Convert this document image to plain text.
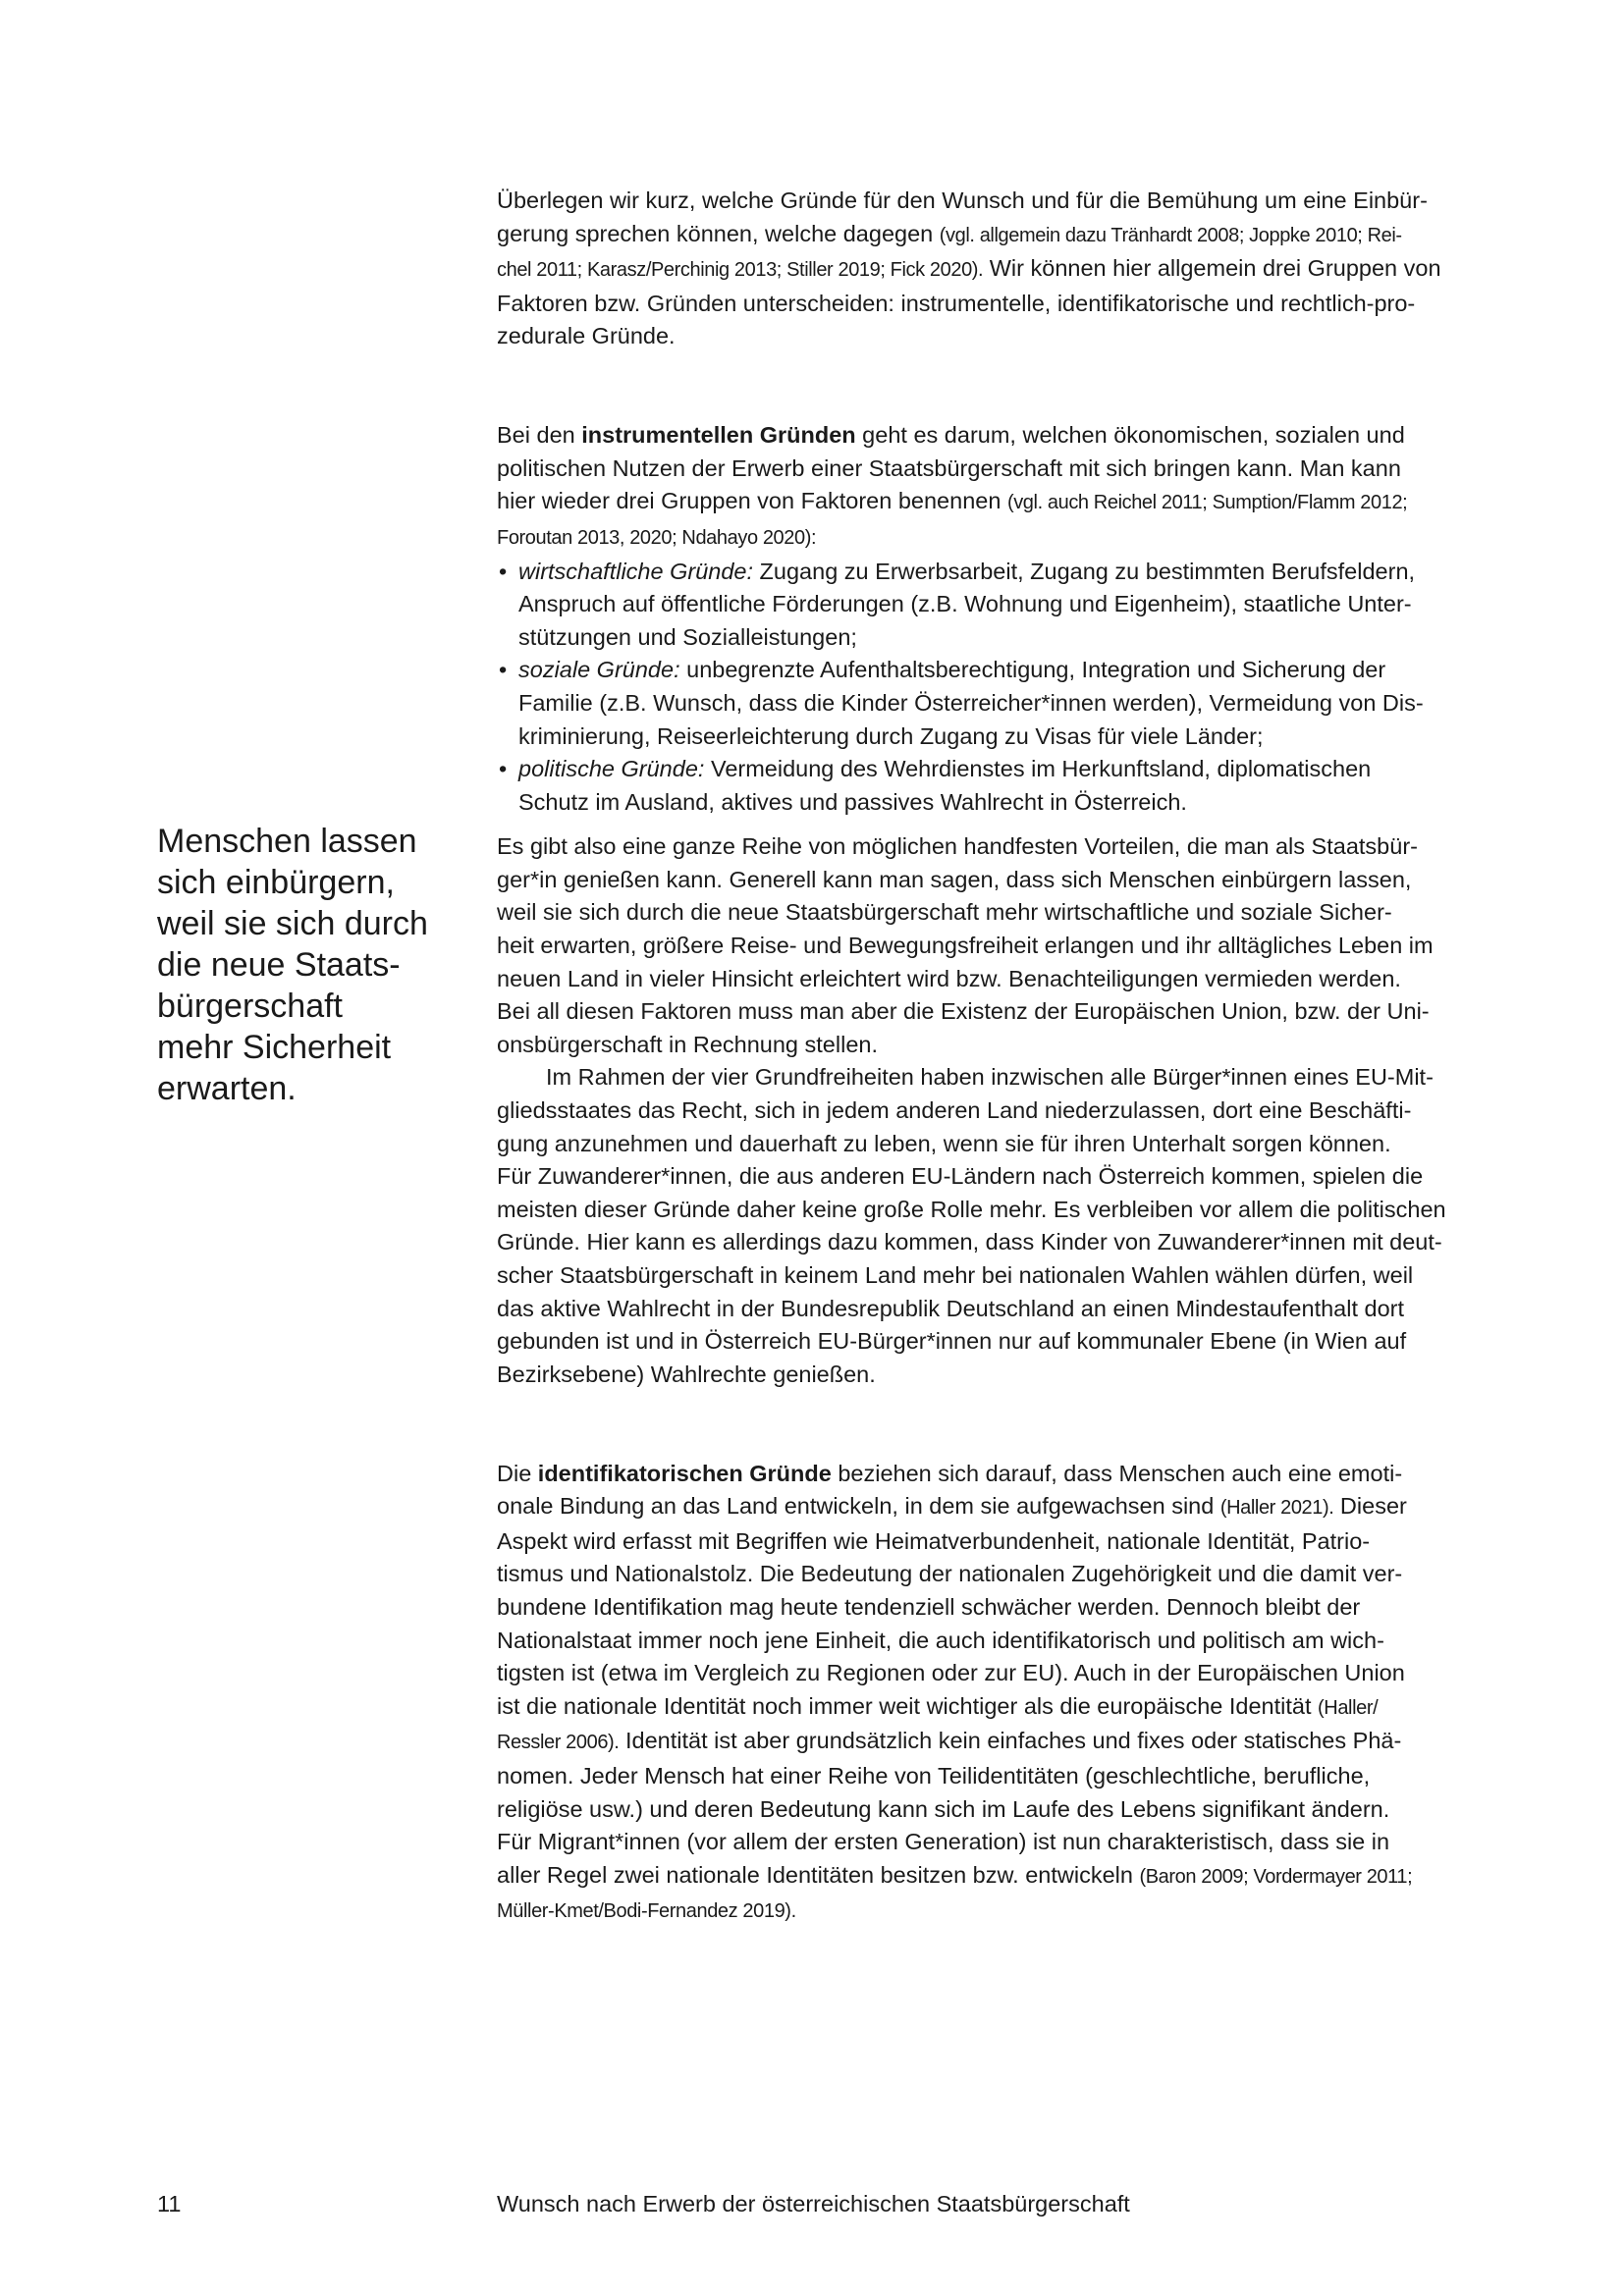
Menschen lassen
sich einbürgern,
weil sie sich durch
die neue Staats-
bürgerschaft
mehr Sicherheit
erwarten.
Überlegen wir kurz, welche Gründe für den Wunsch und für die Bemühung um eine Einbür-
gerung sprechen können, welche dagegen (vgl. allgemein dazu Tränhardt 2008; Joppke 2010; Rei-
chel 2011; Karasz/Perchinig 2013; Stiller 2019; Fick 2020). Wir können hier allgemein drei Gruppen von
Faktoren bzw. Gründen unterscheiden: instrumentelle, identifikatorische und rechtlich-pro-
zedurale Gründe.
Bei den instrumentellen Gründen geht es darum, welchen ökonomischen, sozialen und
politischen Nutzen der Erwerb einer Staatsbürgerschaft mit sich bringen kann. Man kann
hier wieder drei Gruppen von Faktoren benennen (vgl. auch Reichel 2011; Sumption/Flamm 2012;
Foroutan 2013, 2020; Ndahayo 2020):
• wirtschaftliche Gründe: Zugang zu Erwerbsarbeit, Zugang zu bestimmten Berufsfeldern,
Anspruch auf öffentliche Förderungen (z.B. Wohnung und Eigenheim), staatliche Unter-
stützungen und Sozialleistungen;
• soziale Gründe: unbegrenzte Aufenthaltsberechtigung, Integration und Sicherung der
Familie (z.B. Wunsch, dass die Kinder Österreicher*innen werden), Vermeidung von Dis-
kriminierung, Reiseerleichterung durch Zugang zu Visas für viele Länder;
• politische Gründe: Vermeidung des Wehrdienstes im Herkunftsland, diplomatischen
Schutz im Ausland, aktives und passives Wahlrecht in Österreich.
Es gibt also eine ganze Reihe von möglichen handfesten Vorteilen, die man als Staatsbür-
ger*in genießen kann. Generell kann man sagen, dass sich Menschen einbürgern lassen,
weil sie sich durch die neue Staatsbürgerschaft mehr wirtschaftliche und soziale Sicher-
heit erwarten, größere Reise- und Bewegungsfreiheit erlangen und ihr alltägliches Leben im
neuen Land in vieler Hinsicht erleichtert wird bzw. Benachteiligungen vermieden werden.
Bei all diesen Faktoren muss man aber die Existenz der Europäischen Union, bzw. der Uni-
onsbürgerschaft in Rechnung stellen.
Im Rahmen der vier Grundfreiheiten haben inzwischen alle Bürger*innen eines EU-Mit-
gliedsstaates das Recht, sich in jedem anderen Land niederzulassen, dort eine Beschäfti-
gung anzunehmen und dauerhaft zu leben, wenn sie für ihren Unterhalt sorgen können.
Für Zuwanderer*innen, die aus anderen EU-Ländern nach Österreich kommen, spielen die
meisten dieser Gründe daher keine große Rolle mehr. Es verbleiben vor allem die politischen
Gründe. Hier kann es allerdings dazu kommen, dass Kinder von Zuwanderer*innen mit deut-
scher Staatsbürgerschaft in keinem Land mehr bei nationalen Wahlen wählen dürfen, weil
das aktive Wahlrecht in der Bundesrepublik Deutschland an einen Mindestaufenthalt dort
gebunden ist und in Österreich EU-Bürger*innen nur auf kommunaler Ebene (in Wien auf
Bezirksebene) Wahlrechte genießen.
Die identifikatorischen Gründe beziehen sich darauf, dass Menschen auch eine emoti-
onale Bindung an das Land entwickeln, in dem sie aufgewachsen sind (Haller 2021). Dieser
Aspekt wird erfasst mit Begriffen wie Heimatverbundenheit, nationale Identität, Patrio-
tismus und Nationalstolz. Die Bedeutung der nationalen Zugehörigkeit und die damit ver-
bundene Identifikation mag heute tendenziell schwächer werden. Dennoch bleibt der
Nationalstaat immer noch jene Einheit, die auch identifikatorisch und politisch am wich-
tigsten ist (etwa im Vergleich zu Regionen oder zur EU). Auch in der Europäischen Union
ist die nationale Identität noch immer weit wichtiger als die europäische Identität (Haller/
Ressler 2006). Identität ist aber grundsätzlich kein einfaches und fixes oder statisches Phä-
nomen. Jeder Mensch hat einer Reihe von Teilidentitäten (geschlechtliche, berufliche,
religiöse usw.) und deren Bedeutung kann sich im Laufe des Lebens signifikant ändern.
Für Migrant*innen (vor allem der ersten Generation) ist nun charakteristisch, dass sie in
aller Regel zwei nationale Identitäten besitzen bzw. entwickeln (Baron 2009; Vordermayer 2011;
Müller-Kmet/Bodi-Fernandez 2019).
11	Wunsch nach Erwerb der österreichischen Staatsbürgerschaft
